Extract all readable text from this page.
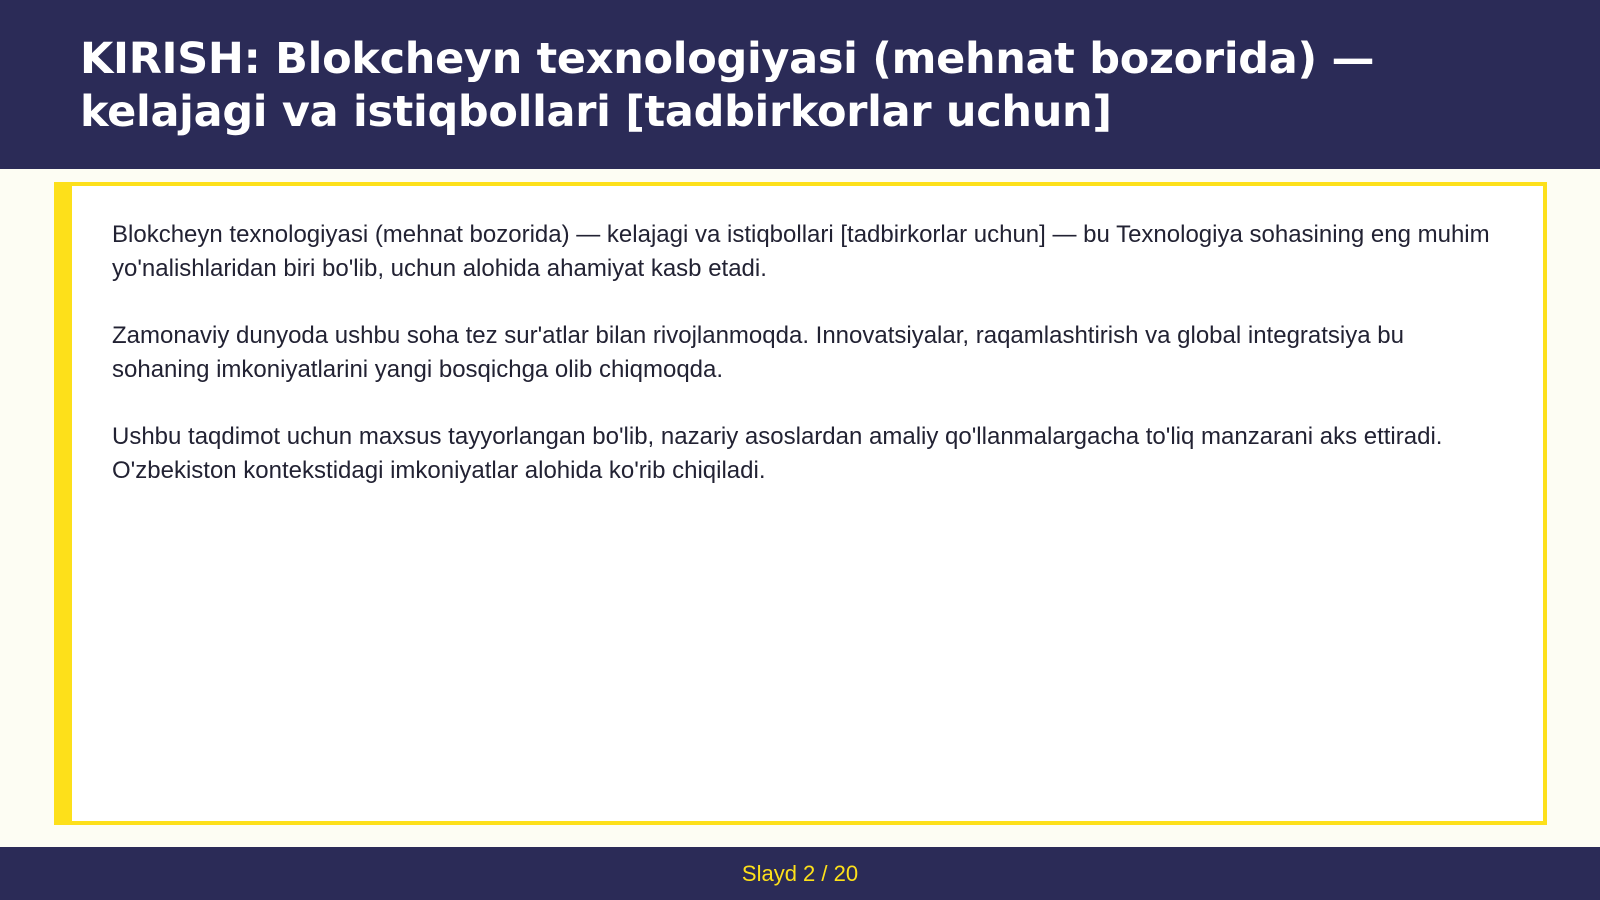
KIRISH: Blokcheyn texnologiyasi (mehnat bozorida) — kelajagi va istiqbollari [tadbirkorlar uchun]

Blokcheyn texnologiyasi (mehnat bozorida) — kelajagi va istiqbollari [tadbirkorlar uchun] — bu Texnologiya sohasining eng muhim yo'nalishlaridan biri bo'lib, uchun alohida ahamiyat kasb etadi.

Zamonaviy dunyoda ushbu soha tez sur'atlar bilan rivojlanmoqda. Innovatsiyalar, raqamlashtirish va global integratsiya bu sohaning imkoniyatlarini yangi bosqichga olib chiqmoqda.

Ushbu taqdimot uchun maxsus tayyorlangan bo'lib, nazariy asoslardan amaliy qo'llanmalargacha to'liq manzarani aks ettiradi. O'zbekiston kontekstidagi imkoniyatlar alohida ko'rib chiqiladi.

Slayd 2 / 20
